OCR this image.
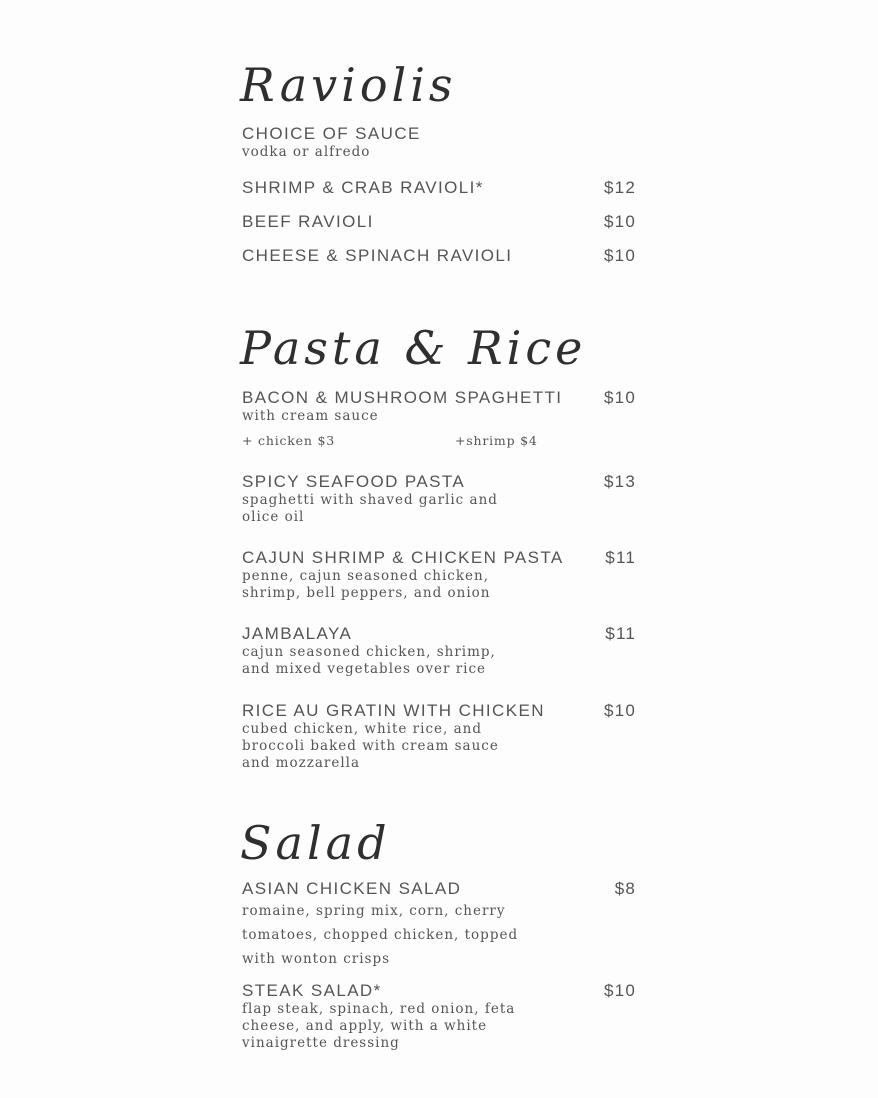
Raviolis
CHOICE OF SAUCE
vodka or alfredo
SHRIMP & CRAB RAVIOLI*	$12
BEEF RAVIOLI	$10
CHEESE & SPINACH RAVIOLI	$10
Pasta & Rice
BACON & MUSHROOM SPAGHETTI	$10
with cream sauce
+ chicken $3	+shrimp $4
SPICY SEAFOOD PASTA	$13
spaghetti with shaved garlic and
olice oil
CAJUN SHRIMP & CHICKEN PASTA	$11
penne, cajun seasoned chicken,
shrimp, bell peppers, and onion
JAMBALAYA	$11
cajun seasoned chicken, shrimp,
and mixed vegetables over rice
RICE AU GRATIN WITH CHICKEN	$10
cubed chicken, white rice, and
broccoli baked with cream sauce
and mozzarella
Salad
ASIAN CHICKEN SALAD	$8
romaine, spring mix, corn, cherry
tomatoes, chopped chicken, topped
with wonton crisps
STEAK SALAD*	$10
flap steak, spinach, red onion, feta
cheese, and apply, with a white
vinaigrette dressing
